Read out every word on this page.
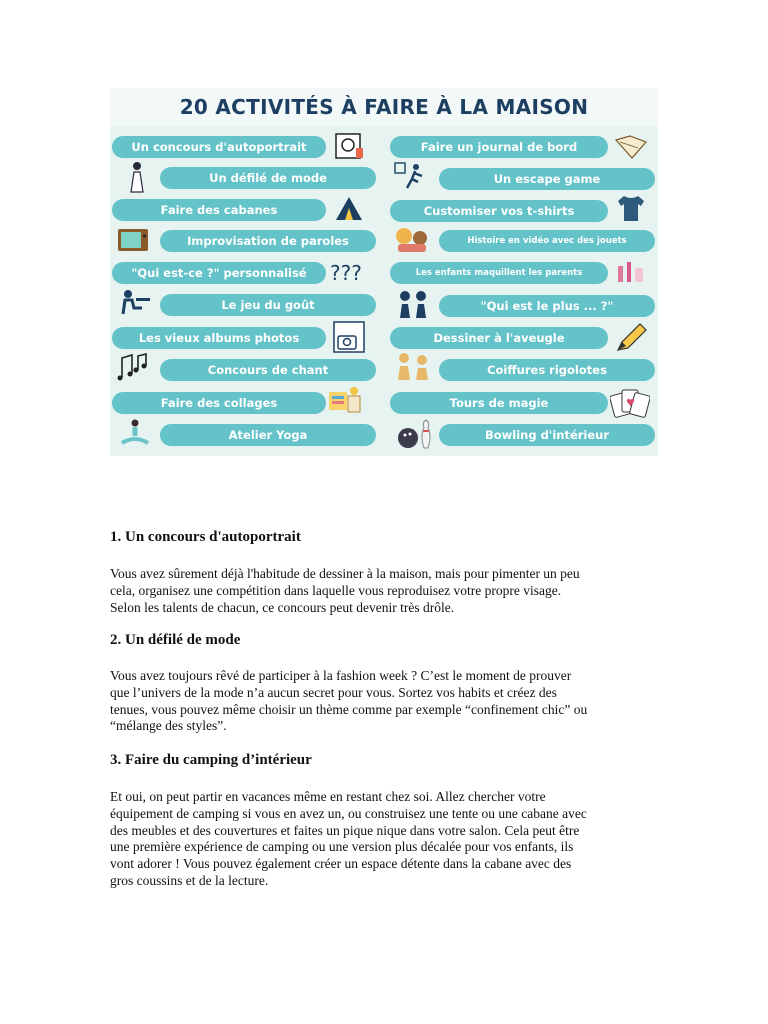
20 ACTIVITÉS À FAIRE À LA MAISON
Un concours d'autoportrait
Un défilé de mode
Faire des cabanes
Improvisation de paroles
"Qui est-ce ?" personnalisé
Le jeu du goût
Les vieux albums photos
Concours de chant
Faire des collages
Atelier Yoga
Faire un journal de bord
Un escape game
Customiser vos t-shirts
Histoire en vidéo avec des jouets
Les enfants maquillent les parents
"Qui est le plus ... ?"
Dessiner à l'aveugle
Coiffures rigolotes
Tours de magie
Bowling d'intérieur
???
♥
1. Un concours d'autoportrait

Vous avez sûrement déjà l'habitude de dessiner à la maison, mais pour pimenter un peu
cela, organisez une compétition dans laquelle vous reproduisez votre propre visage.
Selon les talents de chacun, ce concours peut devenir très drôle.

2. Un défilé de mode

Vous avez toujours rêvé de participer à la fashion week ? C’est le moment de prouver
que l’univers de la mode n’a aucun secret pour vous. Sortez vos habits et créez des
tenues, vous pouvez même choisir un thème comme par exemple “confinement chic” ou
“mélange des styles”.

3. Faire du camping d’intérieur

Et oui, on peut partir en vacances même en restant chez soi. Allez chercher votre
équipement de camping si vous en avez un, ou construisez une tente ou une cabane avec
des meubles et des couvertures et faites un pique nique dans votre salon. Cela peut être
une première expérience de camping ou une version plus décalée pour vos enfants, ils
vont adorer ! Vous pouvez également créer un espace détente dans la cabane avec des
gros coussins et de la lecture.
